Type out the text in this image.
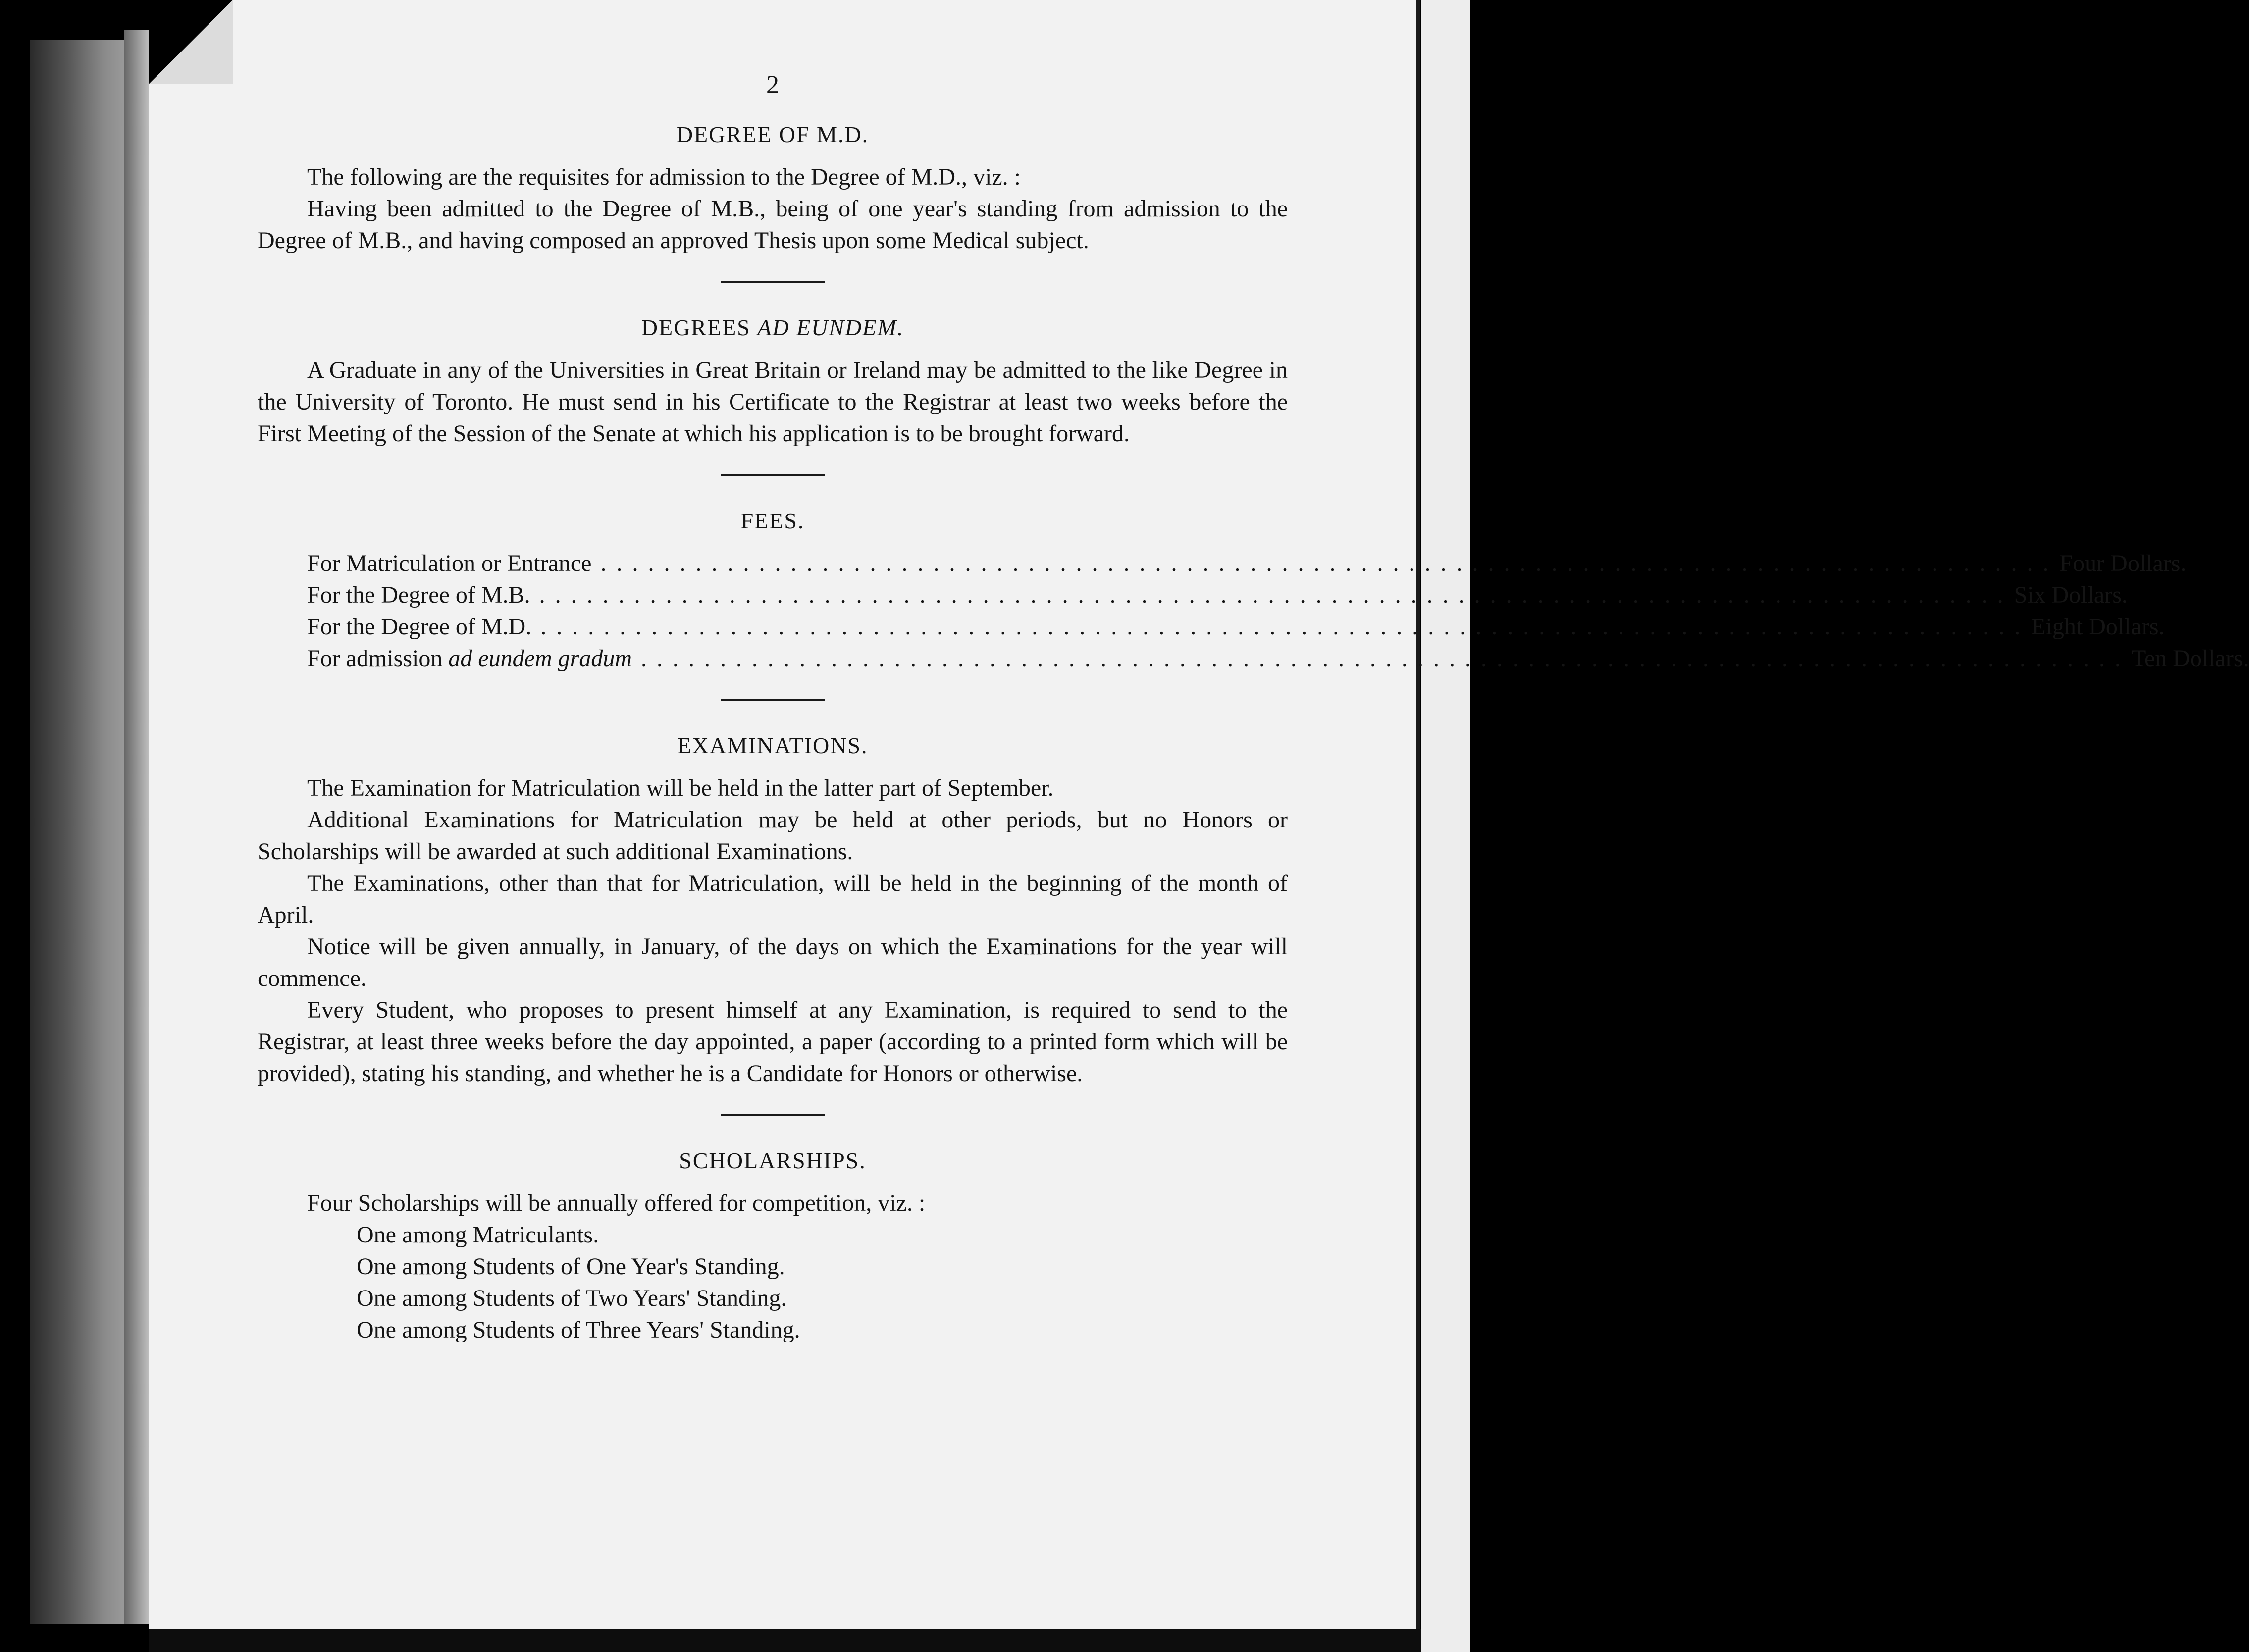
2
DEGREE OF M.D.

The following are the requisites for admission to the Degree of M.D., viz. :

Having been admitted to the Degree of M.B., being of one year's standing from admission to the Degree of M.B., and having composed an approved Thesis upon some Medical subject.

DEGREES AD EUNDEM.

A Graduate in any of the Universities in Great Britain or Ireland may be admitted to the like Degree in the University of Toronto. He must send in his Certificate to the Registrar at least two weeks before the First Meeting of the Session of the Senate at which his application is to be brought forward.

FEES.
For Matriculation or Entrance . . . . . . . . . . . . . . . . . . . . . . . . . . . . . . . . . . . . . . . . . . . . . . . . . . . . . . . . . . . . . . . . . . . . . . . . . . . . . . . . . . . . . . . . . . . . Four Dollars.
For the Degree of M.B. . . . . . . . . . . . . . . . . . . . . . . . . . . . . . . . . . . . . . . . . . . . . . . . . . . . . . . . . . . . . . . . . . . . . . . . . . . . . . . . . . . . . . . . . . . . . . Six Dollars.
For the Degree of M.D. . . . . . . . . . . . . . . . . . . . . . . . . . . . . . . . . . . . . . . . . . . . . . . . . . . . . . . . . . . . . . . . . . . . . . . . . . . . . . . . . . . . . . . . . . . . . . . Eight Dollars.
For admission ad eundem gradum . . . . . . . . . . . . . . . . . . . . . . . . . . . . . . . . . . . . . . . . . . . . . . . . . . . . . . . . . . . . . . . . . . . . . . . . . . . . . . . . . . . . . . . . . . . . . . Ten Dollars.
EXAMINATIONS.

The Examination for Matriculation will be held in the latter part of September.

Additional Examinations for Matriculation may be held at other periods, but no Honors or Scholarships will be awarded at such additional Examinations.

The Examinations, other than that for Matriculation, will be held in the beginning of the month of April.

Notice will be given annually, in January, of the days on which the Examinations for the year will commence.

Every Student, who proposes to present himself at any Examination, is required to send to the Registrar, at least three weeks before the day appointed, a paper (according to a printed form which will be provided), stating his standing, and whether he is a Candidate for Honors or otherwise.

SCHOLARSHIPS.

Four Scholarships will be annually offered for competition, viz. :

One among Matriculants.
One among Students of One Year's Standing.
One among Students of Two Years' Standing.
One among Students of Three Years' Standing.
